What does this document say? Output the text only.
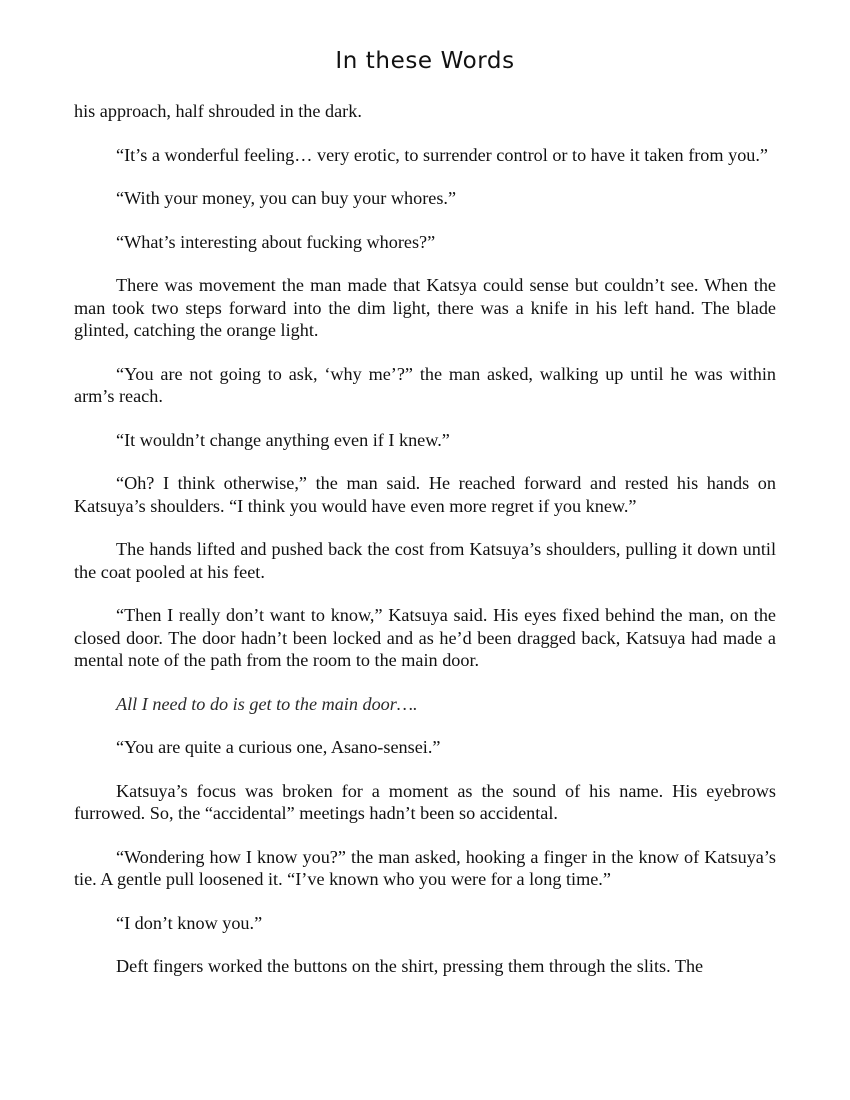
In these Words

his approach, half shrouded in the dark.

“It’s a wonderful feeling… very erotic, to surrender control or to have it taken from you.”

“With your money, you can buy your whores.”

“What’s interesting about fucking whores?”

There was movement the man made that Katsya could sense but couldn’t see. When the man took two steps forward into the dim light, there was a knife in his left hand. The blade glinted, catching the orange light.

“You are not going to ask, ‘why me’?” the man asked, walking up until he was within arm’s reach.

“It wouldn’t change anything even if I knew.”

“Oh? I think otherwise,” the man said. He reached forward and rested his hands on Katsuya’s shoulders. “I think you would have even more regret if you knew.”

The hands lifted and pushed back the cost from Katsuya’s shoulders, pulling it down until the coat pooled at his feet.

“Then I really don’t want to know,” Katsuya said. His eyes fixed behind the man, on the closed door. The door hadn’t been locked and as he’d been dragged back, Katsuya had made a mental note of the path from the room to the main door.

All I need to do is get to the main door….

“You are quite a curious one, Asano-sensei.”

Katsuya’s focus was broken for a moment as the sound of his name. His eyebrows furrowed. So, the “accidental” meetings hadn’t been so accidental.

“Wondering how I know you?” the man asked, hooking a finger in the know of Katsuya’s tie. A gentle pull loosened it. “I’ve known who you were for a long time.”

“I don’t know you.”

Deft fingers worked the buttons on the shirt, pressing them through the slits. The
